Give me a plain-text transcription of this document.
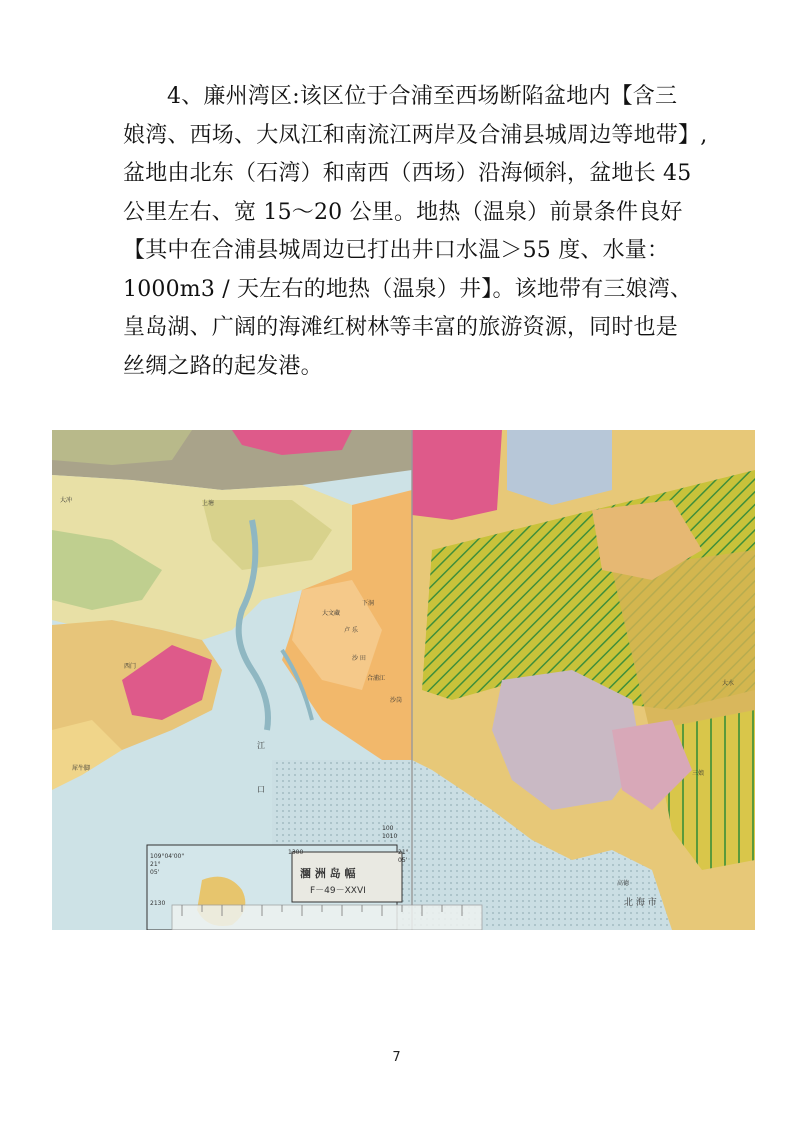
4、廉州湾区:该区位于合浦至西场断陷盆地内【含三
娘湾、西场、大凤江和南流江两岸及合浦县城周边等地带】,
盆地由北东（石湾）和南西（西场）沿海倾斜，盆地长 45
公里左右、宽 15～20 公里。地热（温泉）前景条件良好
【其中在合浦县城周边已打出井口水温＞55 度、水量：
1000m3 / 天左右的地热（温泉）井】。该地带有三娘湾、
皇岛湖、广阔的海滩红树林等丰富的旅游资源，同时也是
丝绸之路的起发港。
潿 洲 岛 幅
F－49－XXVI
北 海 市
大文藏
大冲	上塘
下洞
卢 乐
沙 田
合浦江
沙岗
高德
大水
三娘
江
口
西门
犀牛脚
109°04'00"
21°
05'
2130
1300
1010
100
21°
05'
7
